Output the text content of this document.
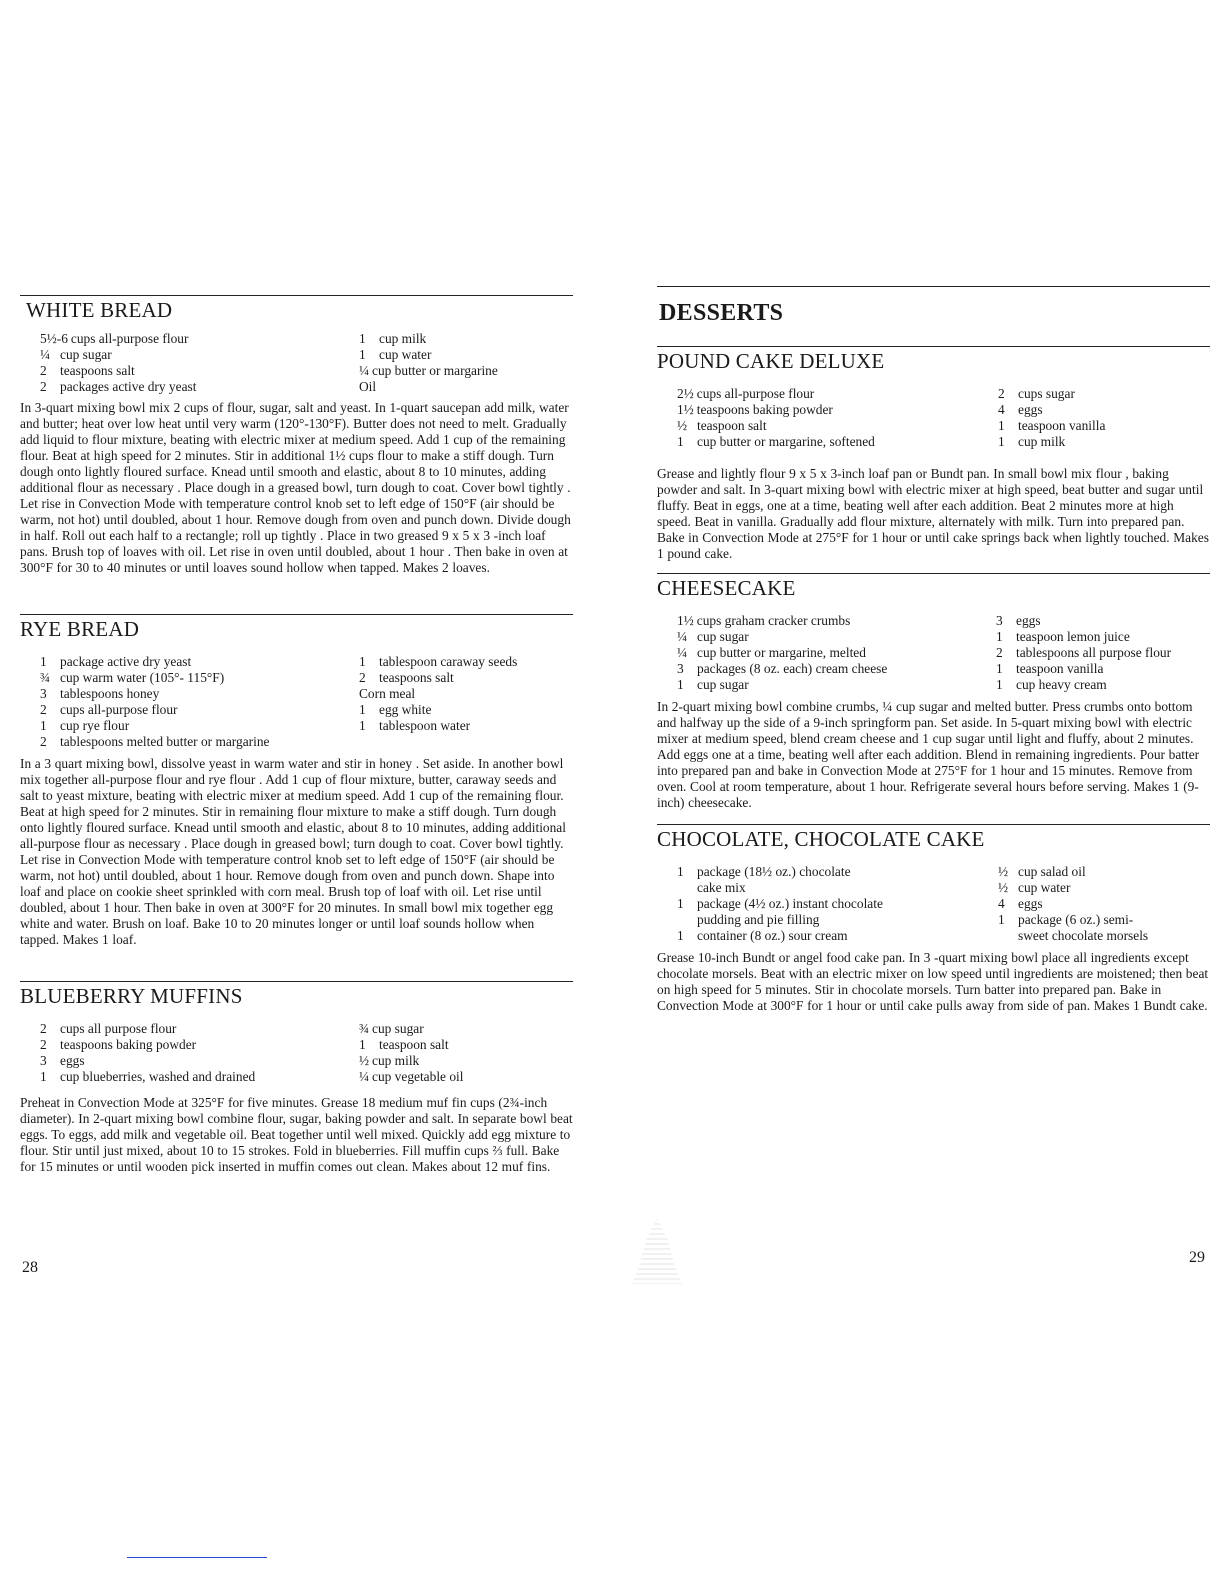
WHITE BREAD
5½-6 cups all-purpose flour
¼ cup sugar
2 teaspoons salt
2 packages active dry yeast
1 cup milk
1 cup water
¼ cup butter or margarine
Oil
In 3-quart mixing bowl mix 2 cups of flour, sugar, salt and yeast. In 1-quart saucepan add milk, water and butter; heat over low heat until very warm (120°-130°F). Butter does not need to melt. Gradually add liquid to flour mixture, beating with electric mixer at medium speed. Add 1 cup of the remaining flour. Beat at high speed for 2 minutes. Stir in additional 1½ cups flour to make a stiff dough. Turn dough onto lightly floured surface. Knead until smooth and elastic, about 8 to 10 minutes, adding additional flour as necessary . Place dough in a greased bowl, turn dough to coat. Cover bowl tightly . Let rise in Convection Mode with temperature control knob set to left edge of 150°F (air should be warm, not hot) until doubled, about 1 hour. Remove dough from oven and punch down. Divide dough in half. Roll out each half to a rectangle; roll up tightly . Place in two greased 9 x 5 x 3 -inch loaf pans. Brush top of loaves with oil. Let rise in oven until doubled, about 1 hour . Then bake in oven at 300°F for 30 to 40 minutes or until loaves sound hollow when tapped. Makes 2 loaves.
RYE BREAD
1 package active dry yeast
¾ cup warm water (105°- 115°F)
3 tablespoons honey
2 cups all-purpose flour
1 cup rye flour
2 tablespoons melted butter or margarine
1 tablespoon caraway seeds
2 teaspoons salt
Corn meal
1 egg white
1 tablespoon water
In a 3 quart mixing bowl, dissolve yeast in warm water and stir in honey . Set aside. In another bowl mix together all-purpose flour and rye flour . Add 1 cup of flour mixture, butter, caraway seeds and salt to yeast mixture, beating with electric mixer at medium speed. Add 1 cup of the remaining flour. Beat at high speed for 2 minutes. Stir in remaining flour mixture to make a stiff dough. Turn dough onto lightly floured surface. Knead until smooth and elastic, about 8 to 10 minutes, adding additional all-purpose flour as necessary . Place dough in greased bowl; turn dough to coat. Cover bowl tightly. Let rise in Convection Mode with temperature control knob set to left edge of 150°F (air should be warm, not hot) until doubled, about 1 hour. Remove dough from oven and punch down. Shape into loaf and place on cookie sheet sprinkled with corn meal. Brush top of loaf with oil. Let rise until doubled, about 1 hour. Then bake in oven at 300°F for 20 minutes. In small bowl mix together egg white and water. Brush on loaf. Bake 10 to 20 minutes longer or until loaf sounds hollow when tapped. Makes 1 loaf.
BLUEBERRY MUFFINS
2 cups all purpose flour
2 teaspoons baking powder
3 eggs
1 cup blueberries, washed and drained
¾ cup sugar
1 teaspoon salt
½ cup milk
¼ cup vegetable oil
Preheat in Convection Mode at 325°F for five minutes. Grease 18 medium muf fin cups (2¾-inch diameter). In 2-quart mixing bowl combine flour, sugar, baking powder and salt. In separate bowl beat eggs. To eggs, add milk and vegetable oil. Beat together until well mixed. Quickly add egg mixture to flour. Stir until just mixed, about 10 to 15 strokes. Fold in blueberries. Fill muffin cups ⅔ full. Bake for 15 minutes or until wooden pick inserted in muffin comes out clean. Makes about 12 muf fins.
28
DESSERTS
POUND CAKE DELUXE
2½ cups all-purpose flour
1½ teaspoons baking powder
½ teaspoon salt
1 cup butter or margarine, softened
2 cups sugar
4 eggs
1 teaspoon vanilla
1 cup milk
Grease and lightly flour 9 x 5 x 3-inch loaf pan or Bundt pan. In small bowl mix flour , baking powder and salt. In 3-quart mixing bowl with electric mixer at high speed, beat butter and sugar until fluffy. Beat in eggs, one at a time, beating well after each addition. Beat 2 minutes more at high speed. Beat in vanilla. Gradually add flour mixture, alternately with milk. Turn into prepared pan. Bake in Convection Mode at 275°F for 1 hour or until cake springs back when lightly touched. Makes 1 pound cake.
CHEESECAKE
1½ cups graham cracker crumbs
¼ cup sugar
¼ cup butter or margarine, melted
3 packages (8 oz. each) cream cheese
1 cup sugar
3 eggs
1 teaspoon lemon juice
2 tablespoons all purpose flour
1 teaspoon vanilla
1 cup heavy cream
In 2-quart mixing bowl combine crumbs, ¼ cup sugar and melted butter. Press crumbs onto bottom and halfway up the side of a 9-inch springform pan. Set aside. In 5-quart mixing bowl with electric mixer at medium speed, blend cream cheese and 1 cup sugar until light and fluffy, about 2 minutes. Add eggs one at a time, beating well after each addition. Blend in remaining ingredients. Pour batter into prepared pan and bake in Convection Mode at 275°F for 1 hour and 15 minutes. Remove from oven. Cool at room temperature, about 1 hour. Refrigerate several hours before serving. Makes 1 (9-inch) cheesecake.
CHOCOLATE, CHOCOLATE CAKE
1 package (18½ oz.) chocolate
cake mix
1 package (4½ oz.) instant chocolate
pudding and pie filling
1 container (8 oz.) sour cream
½ cup salad oil
½ cup water
4 eggs
1 package (6 oz.) semi-
sweet chocolate morsels
Grease 10-inch Bundt or angel food cake pan. In 3 -quart mixing bowl place all ingredients except chocolate morsels. Beat with an electric mixer on low speed until ingredients are moistened; then beat on high speed for 5 minutes. Stir in chocolate morsels. Turn batter into prepared pan. Bake in Convection Mode at 300°F for 1 hour or until cake pulls away from side of pan. Makes 1 Bundt cake.
29
